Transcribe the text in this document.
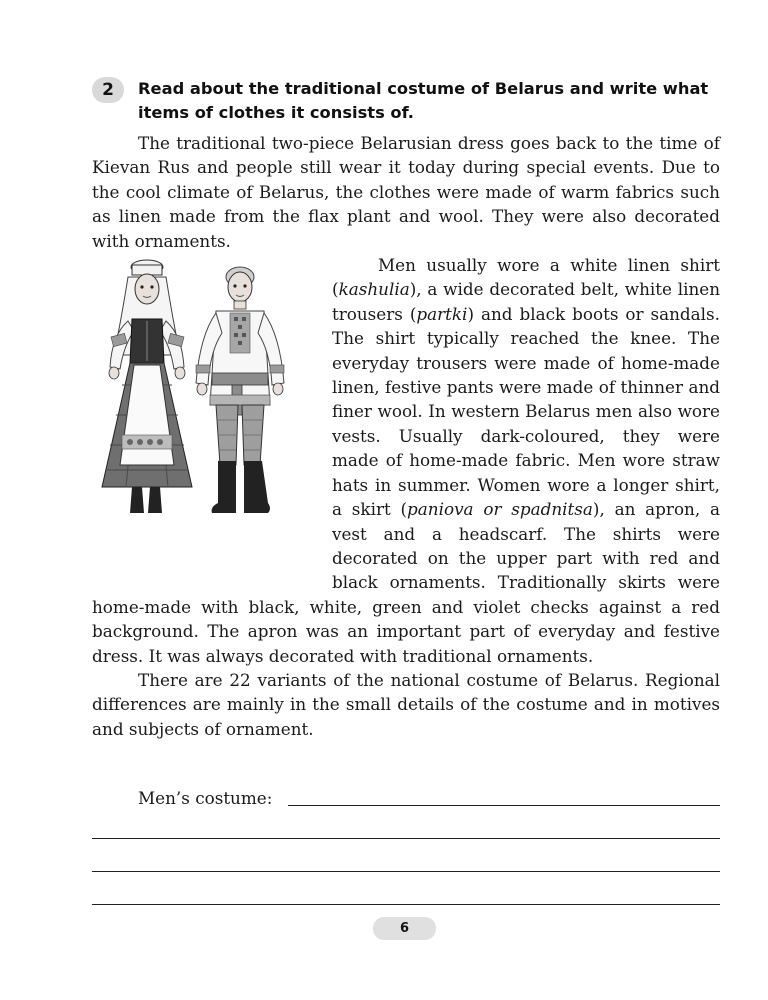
2	Read about the traditional costume of Belarus and write what items of clothes it consists of.

The traditional two-piece Belarusian dress goes back to the time of Kievan Rus and people still wear it today during special events. Due to the cool climate of Belarus, the clothes were made of warm fabrics such as linen made from the flax plant and wool. They were also decorated with ornaments.

Men usually wore a white linen shirt (kashulia), a wide decorated belt, white linen trousers (partki) and black boots or sandals. The shirt typically reached the knee. The everyday trousers were made of home-made linen, festive pants were made of thinner and finer wool. In western Belarus men also wore vests. Usually dark-coloured, they were made of home-made fabric. Men wore straw hats in summer. Women wore a longer shirt, a skirt (paniova or spadnitsa), an apron, a vest and a headscarf. The shirts were decorated on the upper part with red and black ornaments. Traditionally skirts were home-made with black, white, green and violet checks against a red background. The apron was an important part of everyday and festive dress. It was always decorated with traditional ornaments.

There are 22 variants of the national costume of Belarus. Regional differences are mainly in the small details of the costume and in motives and subjects of ornament.

Men’s costume:
6
